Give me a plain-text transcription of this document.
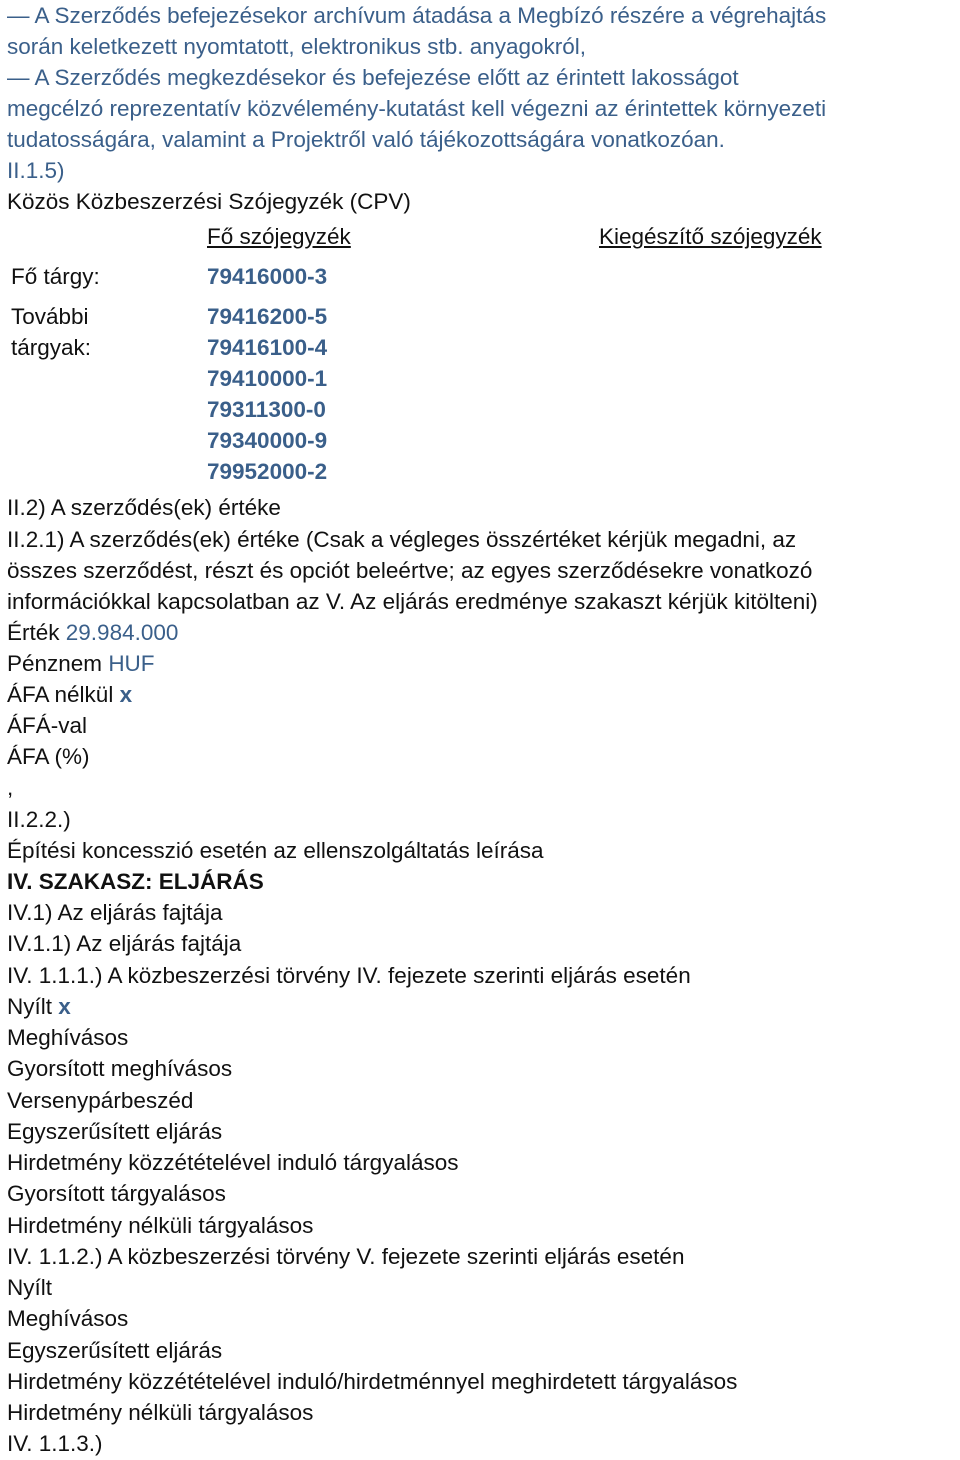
— A Szerződés befejezésekor archívum átadása a Megbízó részére a végrehajtás
során keletkezett nyomtatott, elektronikus stb. anyagokról,
— A Szerződés megkezdésekor és befejezése előtt az érintett lakosságot
megcélzó reprezentatív közvélemény-kutatást kell végezni az érintettek környezeti
tudatosságára, valamint a Projektről való tájékozottságára vonatkozóan.
II.1.5)
Közös Közbeszerzési Szójegyzék (CPV)
Fő szójegyzék	Kiegészítő szójegyzék
Fő tárgy:	79416000-3
További
tárgyak:
79416200-5
79416100-4
79410000-1
79311300-0
79340000-9
79952000-2
II.2) A szerződés(ek) értéke
II.2.1) A szerződés(ek) értéke (Csak a végleges összértéket kérjük megadni, az
összes szerződést, részt és opciót beleértve; az egyes szerződésekre vonatkozó
információkkal kapcsolatban az V. Az eljárás eredménye szakaszt kérjük kitölteni)
Érték 29.984.000
Pénznem HUF
ÁFA nélkül x
ÁFÁ-val
ÁFA (%)
,
II.2.2.)
Építési koncesszió esetén az ellenszolgáltatás leírása
IV. SZAKASZ: ELJÁRÁS
IV.1) Az eljárás fajtája
IV.1.1) Az eljárás fajtája
IV. 1.1.1.) A közbeszerzési törvény IV. fejezete szerinti eljárás esetén
Nyílt x
Meghívásos
Gyorsított meghívásos
Versenypárbeszéd
Egyszerűsített eljárás
Hirdetmény közzétételével induló tárgyalásos
Gyorsított tárgyalásos
Hirdetmény nélküli tárgyalásos
IV. 1.1.2.) A közbeszerzési törvény V. fejezete szerinti eljárás esetén
Nyílt
Meghívásos
Egyszerűsített eljárás
Hirdetmény közzétételével induló/hirdetménnyel meghirdetett tárgyalásos
Hirdetmény nélküli tárgyalásos
IV. 1.1.3.)
